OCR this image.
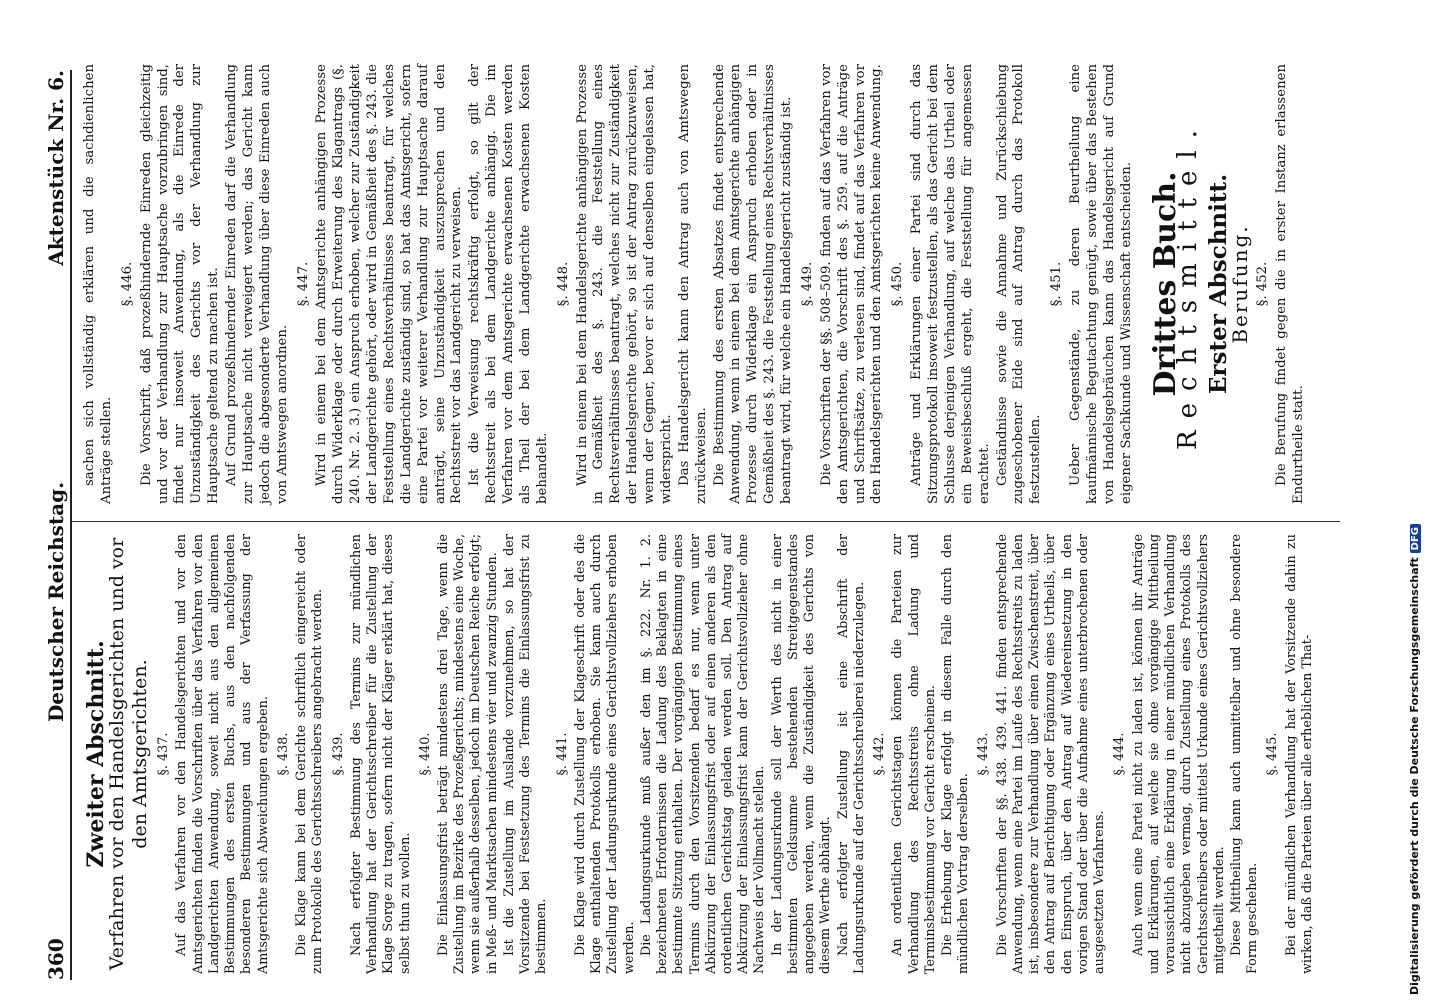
360
Deutscher Reichstag.
Aktenstück Nr. 6.
Zweiter Abschnitt.
Verfahren vor den Handelsgerichten und vor den Amtsgerichten. §. 437. Auf das Verfahren vor den Handelsgerichten und vor den Amtsgerichten finden die Vorschriften über das Verfahren vor den Landgerichten Anwendung, soweit nicht aus den allgemeinen Bestimmungen des ersten Buchs, aus den nachfolgenden besonderen Bestimmungen und aus der Verfassung der Amtsgerichte sich Abweichungen ergeben. §. 438. Die Klage kann bei dem Gerichte schriftlich eingereicht oder zum Protokolle des Gerichtsschreibers angebracht werden. §. 439. Nach erfolgter Bestimmung des Termins zur mündlichen Verhandlung hat der Gerichtsschreiber für die Zustellung der Klage Sorge zu tragen, sofern nicht der Kläger erklärt hat, dieses selbst thun zu wollen.

§. 440. Die Einlassungsfrist beträgt mindestens drei Tage, wenn die Zustellung im Bezirke des Prozeßgerichts; mindestens eine Woche, wenn sie außerhalb desselben, jedoch im Deutschen Reiche erfolgt; in Meß- und Marktsachen mindestens vier und zwanzig Stunden. Ist die Zustellung im Auslande vorzunehmen, so hat der Vorsitzende bei Festsetzung des Termins die Einlassungsfrist zu bestimmen.

§. 441. Die Klage wird durch Zustellung der Klageschrift oder des die Klage enthaltenden Protokolls erhoben. Sie kann auch durch Zustellung der Ladungsurkunde eines Gerichtsvollziehers erhoben werden. Die Ladungsurkunde muß außer den im §. 222. Nr. 1. 2. bezeichneten Erfordernissen die Ladung des Beklagten in eine bestimmte Sitzung enthalten. Der vorgängigen Bestimmung eines Termins durch den Vorsitzenden bedarf es nur, wenn unter Abkürzung der Einlassungsfrist oder auf einen anderen als den ordentlichen Gerichtstag geladen werden soll. Den Antrag auf Abkürzung der Einlassungsfrist kann der Gerichtsvollzieher ohne Nachweis der Vollmacht stellen. In der Ladungsurkunde soll der Werth des nicht in einer bestimmten Geldsumme bestehenden Streitgegenstandes angegeben werden, wenn die Zuständigkeit des Gerichts von diesem Werthe abhängt. Nach erfolgter Zustellung ist eine Abschrift der Ladungsurkunde auf der Gerichtsschreiberei niederzulegen. §. 442. An ordentlichen Gerichtstagen können die Parteien zur Verhandlung des Rechtsstreits ohne Ladung und Terminsbestimmung vor Gericht erscheinen. Die Erhebung der Klage erfolgt in diesem Falle durch den mündlichen Vortrag derselben.

§. 443. Die Vorschriften der §§. 438. 439. 441. finden entsprechende Anwendung, wenn eine Partei im Laufe des Rechtsstreits zu laden ist, insbesondere zur Verhandlung über einen Zwischenstreit, über den Antrag auf Berichtigung oder Ergänzung eines Urtheils, über den Einspruch, über den Antrag auf Wiedereinsetzung in den vorigen Stand oder über die Aufnahme eines unterbrochenen oder ausgesetzten Verfahrens.

§. 444. Auch wenn eine Partei nicht zu laden ist, können ihr Anträge und Erklärungen, auf welche sie ohne vorgängige Mittheilung voraussichtlich eine Erklärung in einer mündlichen Verhandlung nicht abzugeben vermag, durch Zustellung eines Protokolls des Gerichtsschreibers oder mittelst Urkunde eines Gerichtsvollziehers mitgetheilt werden. Diese Mittheilung kann auch unmittelbar und ohne besondere Form geschehen.

§. 445. Bei der mündlichen Verhandlung hat der Vorsitzende dahin zu wirken, daß die Parteien über alle erheblichen That-

sachen sich vollständig erklären und die sachdienlichen Anträge stellen.

§. 446. Die Vorschrift, daß prozeßhindernde Einreden gleichzeitig und vor der Verhandlung zur Hauptsache vorzubringen sind, findet nur insoweit Anwendung, als die Einrede der Unzuständigkeit des Gerichts vor der Verhandlung zur Hauptsache geltend zu machen ist. Auf Grund prozeßhindernder Einreden darf die Verhandlung zur Hauptsache nicht verweigert werden; das Gericht kann jedoch die abgesonderte Verhandlung über diese Einreden auch von Amtswegen anordnen.

§. 447. Wird in einem bei dem Amtsgerichte anhängigen Prozesse durch Widerklage oder durch Erweiterung des Klagantrags (§. 240. Nr. 2. 3.) ein Anspruch erhoben, welcher zur Zuständigkeit der Landgerichte gehört, oder wird in Gemäßheit des §. 243. die Feststellung eines Rechtsverhältnisses beantragt, für welches die Landgerichte zuständig sind, so hat das Amtsgericht, sofern eine Partei vor weiterer Verhandlung zur Hauptsache darauf anträgt, seine Unzuständigkeit auszusprechen und den Rechtsstreit vor das Landgericht zu verweisen. Ist die Verweisung rechtskräftig erfolgt, so gilt der Rechtsstreit als bei dem Landgerichte anhängig. Die im Verfahren vor dem Amtsgerichte erwachsenen Kosten werden als Theil der bei dem Landgerichte erwachsenen Kosten behandelt.

§. 448. Wird in einem bei dem Handelsgerichte anhängigen Prozesse in Gemäßheit des §. 243. die Feststellung eines Rechtsverhältnisses beantragt, welches nicht zur Zuständigkeit der Handelsgerichte gehört, so ist der Antrag zurückzuweisen, wenn der Gegner, bevor er sich auf denselben eingelassen hat, widerspricht. Das Handelsgericht kann den Antrag auch von Amtswegen zurückweisen. Die Bestimmung des ersten Absatzes findet entsprechende Anwendung, wenn in einem bei dem Amtsgerichte anhängigen Prozesse durch Widerklage ein Anspruch erhoben oder in Gemäßheit des §. 243. die Feststellung eines Rechtsverhältnisses beantragt wird, für welche ein Handelsgericht zuständig ist. §. 449. Die Vorschriften der §§. 508–509. finden auf das Verfahren vor den Amtsgerichten, die Vorschrift des §. 259. auf die Anträge und Schriftsätze, zu verlesen sind, findet auf das Verfahren vor den Handelsgerichten und den Amtsgerichten keine Anwendung. §. 450. Anträge und Erklärungen einer Partei sind durch das Sitzungsprotokoll insoweit festzustellen, als das Gericht bei dem Schlusse derjenigen Verhandlung, auf welche das Urtheil oder ein Beweisbeschluß ergeht, die Feststellung für angemessen erachtet. Geständnisse sowie die Annahme und Zurückschiebung zugeschobener Eide sind auf Antrag durch das Protokoll festzustellen.

§. 451. Ueber Gegenstände, zu deren Beurtheilung eine kaufmännische Begutachtung genügt, sowie über das Bestehen von Handelsgebräuchen kann das Handelsgericht auf Grund eigener Sachkunde und Wissenschaft entscheiden. Drittes Buch.
Rechtsmittel. Erster Abschnitt.
Berufung. §. 452. Die Berufung findet gegen die in erster Instanz erlassenen Endurtheile statt.

Digitalisierung gefördert durch die Deutsche ForschungsgemeinschaftDFG
